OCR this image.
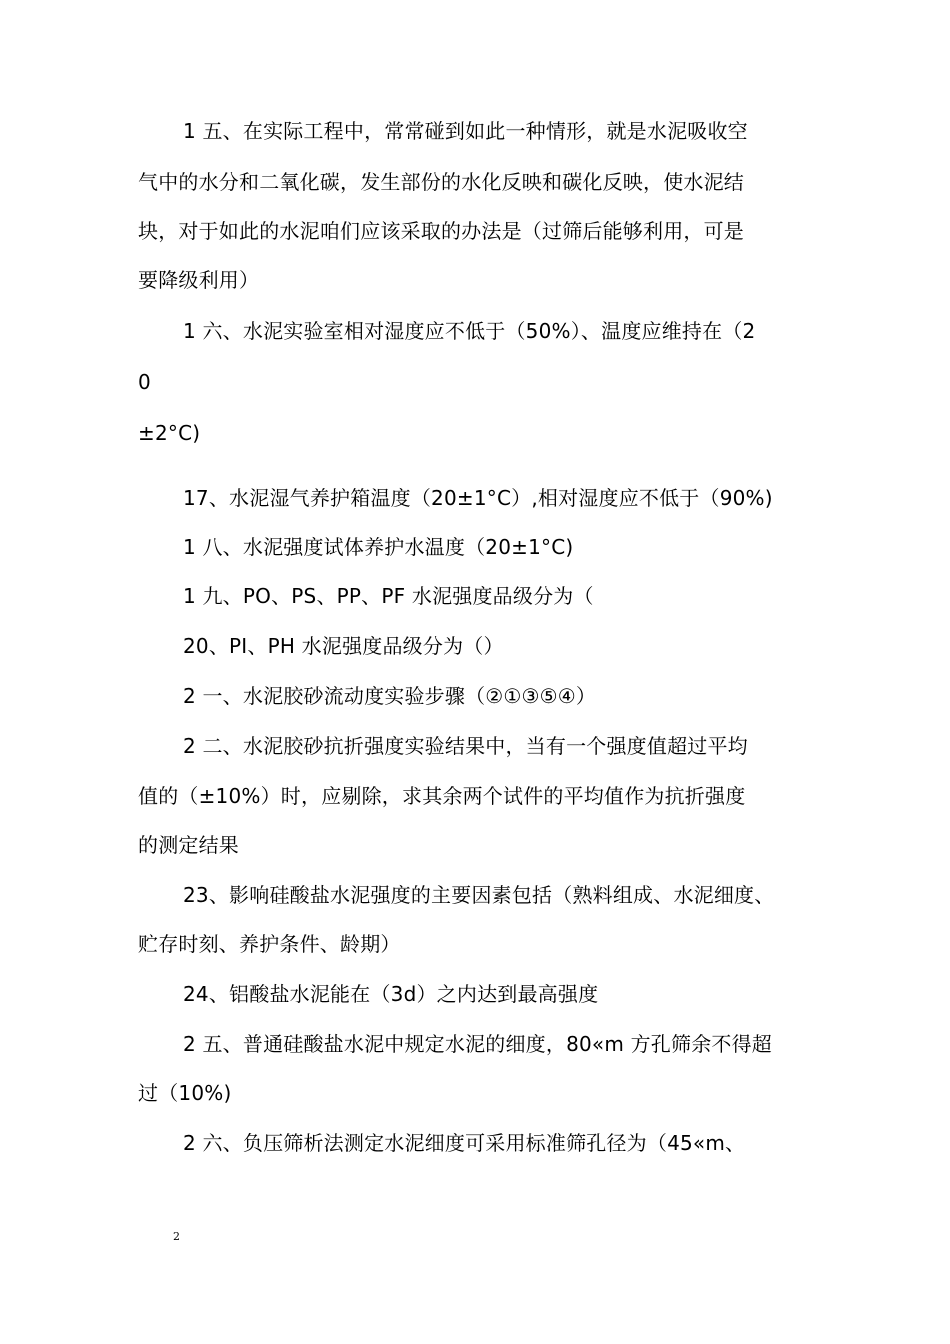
1 五、在实际工程中，常常碰到如此一种情形，就是水泥吸收空
气中的水分和二氧化碳，发生部份的水化反映和碳化反映，使水泥结
块，对于如此的水泥咱们应该采取的办法是（过筛后能够利用，可是
要降级利用）
1 六、水泥实验室相对湿度应不低于（50%）、温度应维持在（2
0
±2°C)
17、水泥湿气养护箱温度（20±1°C）,相对湿度应不低于（90%)
1 八、水泥强度试体养护水温度（20±1°C)
1 九、PO、PS、PP、PF 水泥强度品级分为（
20、PI、PH 水泥强度品级分为（）
2 一、水泥胶砂流动度实验步骤（②①③⑤④）
2 二、水泥胶砂抗折强度实验结果中，当有一个强度值超过平均
值的（±10%）时，应剔除，求其余两个试件的平均值作为抗折强度
的测定结果
23、影响硅酸盐水泥强度的主要因素包括（熟料组成、水泥细度、
贮存时刻、养护条件、龄期）
24、铝酸盐水泥能在（3d）之内达到最高强度
2 五、普通硅酸盐水泥中规定水泥的细度，80«m 方孔筛余不得超
过（10%)
2 六、负压筛析法测定水泥细度可采用标准筛孔径为（45«m、
2
